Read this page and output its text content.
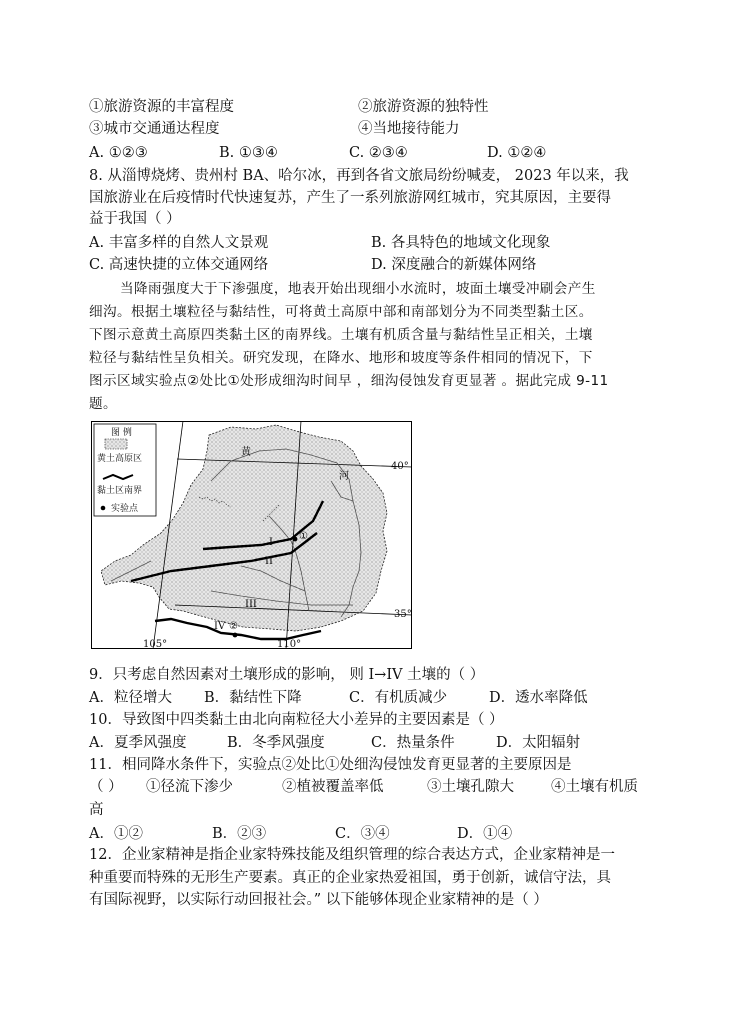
①旅游资源的丰富程度	②旅游资源的独特性
③城市交通通达程度	④当地接待能力
A. ①②③	B. ①③④	C. ②③④	D. ①②④
8. 从淄博烧烤、贵州村 BA、哈尔冰，再到各省文旅局纷纷喊麦， 2023 年以来，我
国旅游业在后疫情时代快速复苏，产生了一系列旅游网红城市，究其原因，主要得
益于我国（ ）
A. 丰富多样的自然人文景观	B. 各具特色的地域文化现象
C. 高速快捷的立体交通网络	D. 深度融合的新媒体网络
当降雨强度大于下渗强度，地表开始出现细小水流时，坡面土壤受冲刷会产生
细沟。根据土壤粒径与黏结性，可将黄土高原中部和南部划分为不同类型黏土区。
下图示意黄土高原四类黏土区的南界线。土壤有机质含量与黏结性呈正相关，土壤
粒径与黏结性呈负相关。研究发现，在降水、地形和坡度等条件相同的情况下，下
图示区域实验点②处比①处形成细沟时间早 ，细沟侵蚀发育更显著 。据此完成 9-11
题。
图 例
黄土高原区
黏土区南界
实验点
黄
河
40°
35°
105°	110°
I
II
III
IV
①
②
9．只考虑自然因素对土壤形成的影响， 则 I→IV 土壤的（ ）
A．粒径增大 B．黏结性下降	C．有机质减少	D．透水率降低
10．导致图中四类黏土由北向南粒径大小差异的主要因素是（ ）
A．夏季风强度	B．冬季风强度	C．热量条件	D．太阳辐射
11．相同降水条件下，实验点②处比①处细沟侵蚀发育更显著的主要原因是
（ ） ①径流下渗少	②植被覆盖率低	③土壤孔隙大	④土壤有机质
高
A．①②	B．②③	C．③④	D．①④
12．企业家精神是指企业家特殊技能及组织管理的综合表达方式，企业家精神是一
种重要而特殊的无形生产要素。真正的企业家热爱祖国，勇于创新，诚信守法，具
有国际视野，以实际行动回报社会。” 以下能够体现企业家精神的是（ ）
